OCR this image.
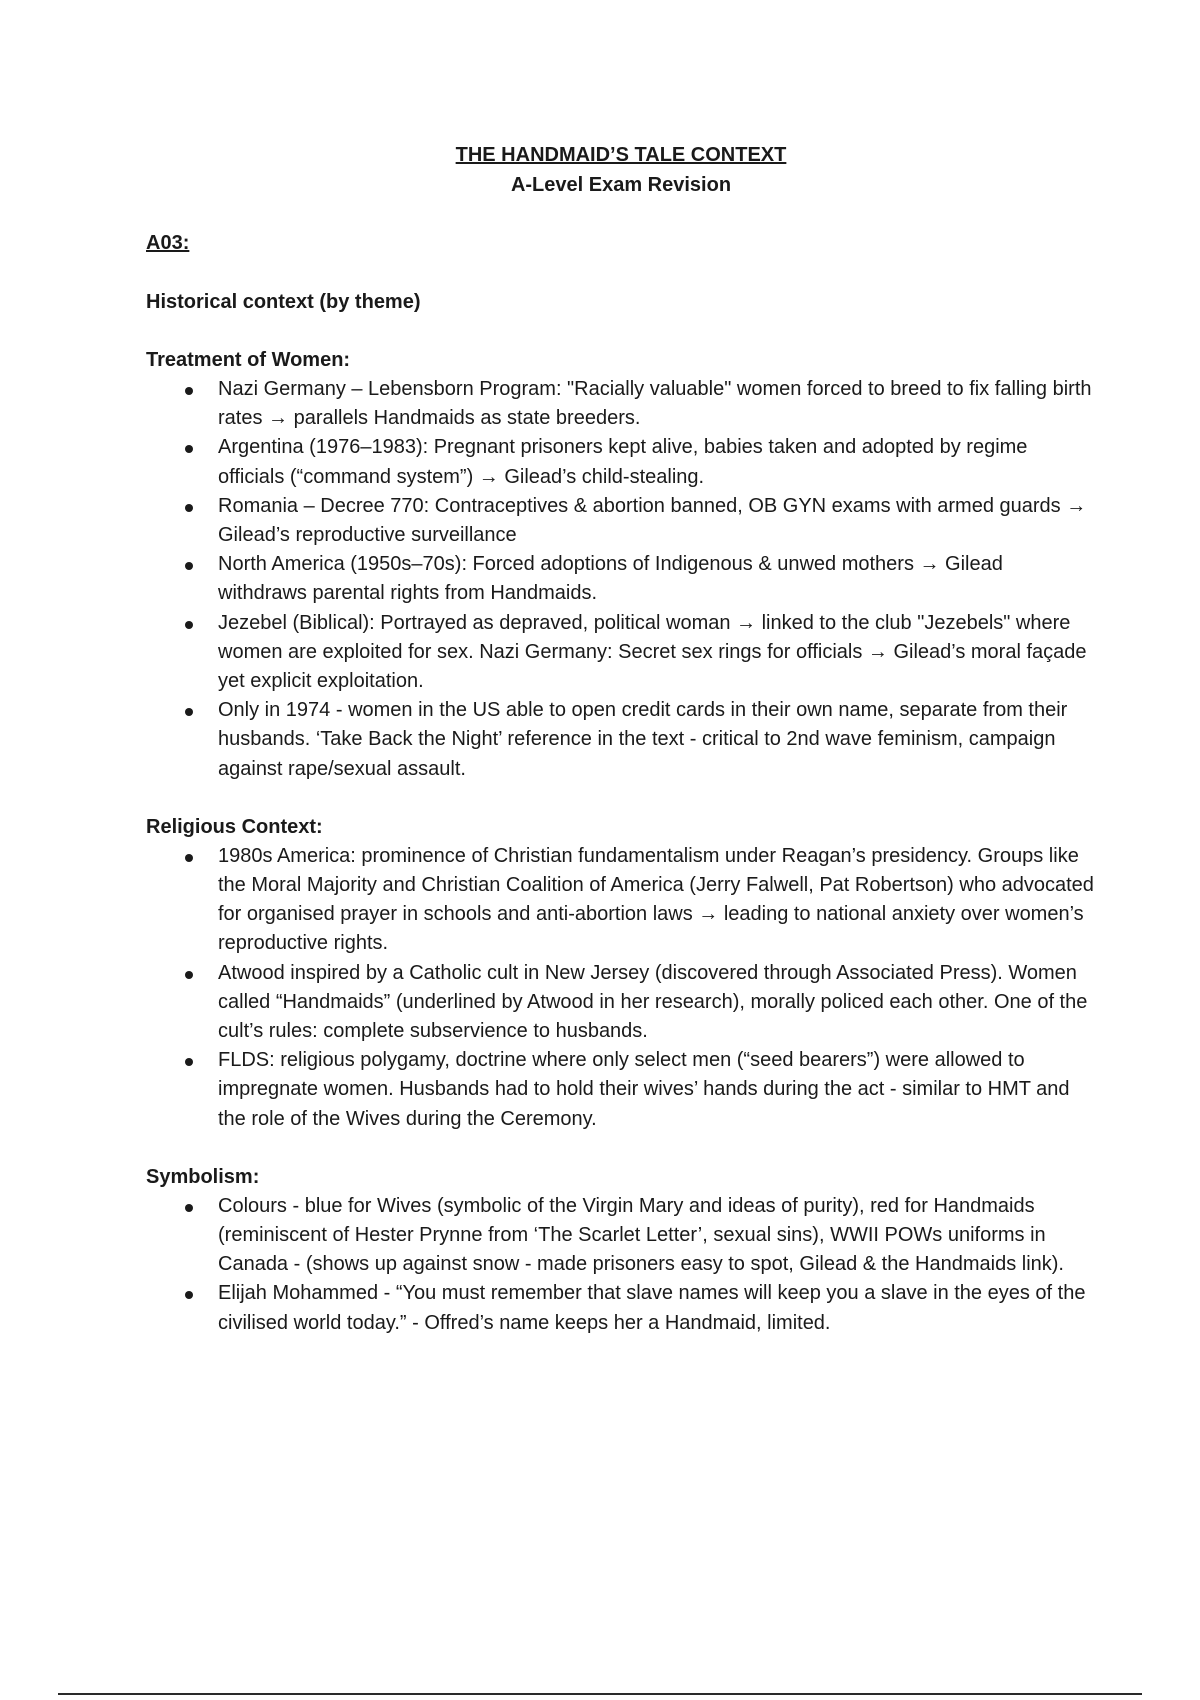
THE HANDMAID’S TALE CONTEXT

A-Level Exam Revision

A03:

Historical context (by theme)

Treatment of Women:

Nazi Germany – Lebensborn Program: "Racially valuable" women forced to breed to fix falling birth rates → parallels Handmaids as state breeders.
Argentina (1976–1983): Pregnant prisoners kept alive, babies taken and adopted by regime officials (“command system”) → Gilead’s child-stealing.
Romania – Decree 770: Contraceptives & abortion banned, OB GYN exams with armed guards → Gilead’s reproductive surveillance
North America (1950s–70s): Forced adoptions of Indigenous & unwed mothers → Gilead withdraws parental rights from Handmaids.
Jezebel (Biblical): Portrayed as depraved, political woman → linked to the club "Jezebels" where women are exploited for sex. Nazi Germany: Secret sex rings for officials → Gilead’s moral façade yet explicit exploitation.
Only in 1974 - women in the US able to open credit cards in their own name, separate from their husbands. ‘Take Back the Night’ reference in the text - critical to 2nd wave feminism, campaign against rape/sexual assault.

Religious Context:

1980s America: prominence of Christian fundamentalism under Reagan’s presidency. Groups like the Moral Majority and Christian Coalition of America (Jerry Falwell, Pat Robertson) who advocated for organised prayer in schools and anti-abortion laws → leading to national anxiety over women’s reproductive rights.
Atwood inspired by a Catholic cult in New Jersey (discovered through Associated Press). Women called “Handmaids” (underlined by Atwood in her research), morally policed each other. One of the cult’s rules: complete subservience to husbands.
FLDS: religious polygamy, doctrine where only select men (“seed bearers”) were allowed to impregnate women. Husbands had to hold their wives’ hands during the act - similar to HMT and the role of the Wives during the Ceremony.

Symbolism:

Colours - blue for Wives (symbolic of the Virgin Mary and ideas of purity), red for Handmaids (reminiscent of Hester Prynne from ‘The Scarlet Letter’, sexual sins), WWII POWs uniforms in Canada - (shows up against snow - made prisoners easy to spot, Gilead & the Handmaids link).
Elijah Mohammed - “You must remember that slave names will keep you a slave in the eyes of the civilised world today.” - Offred’s name keeps her a Handmaid, limited.
